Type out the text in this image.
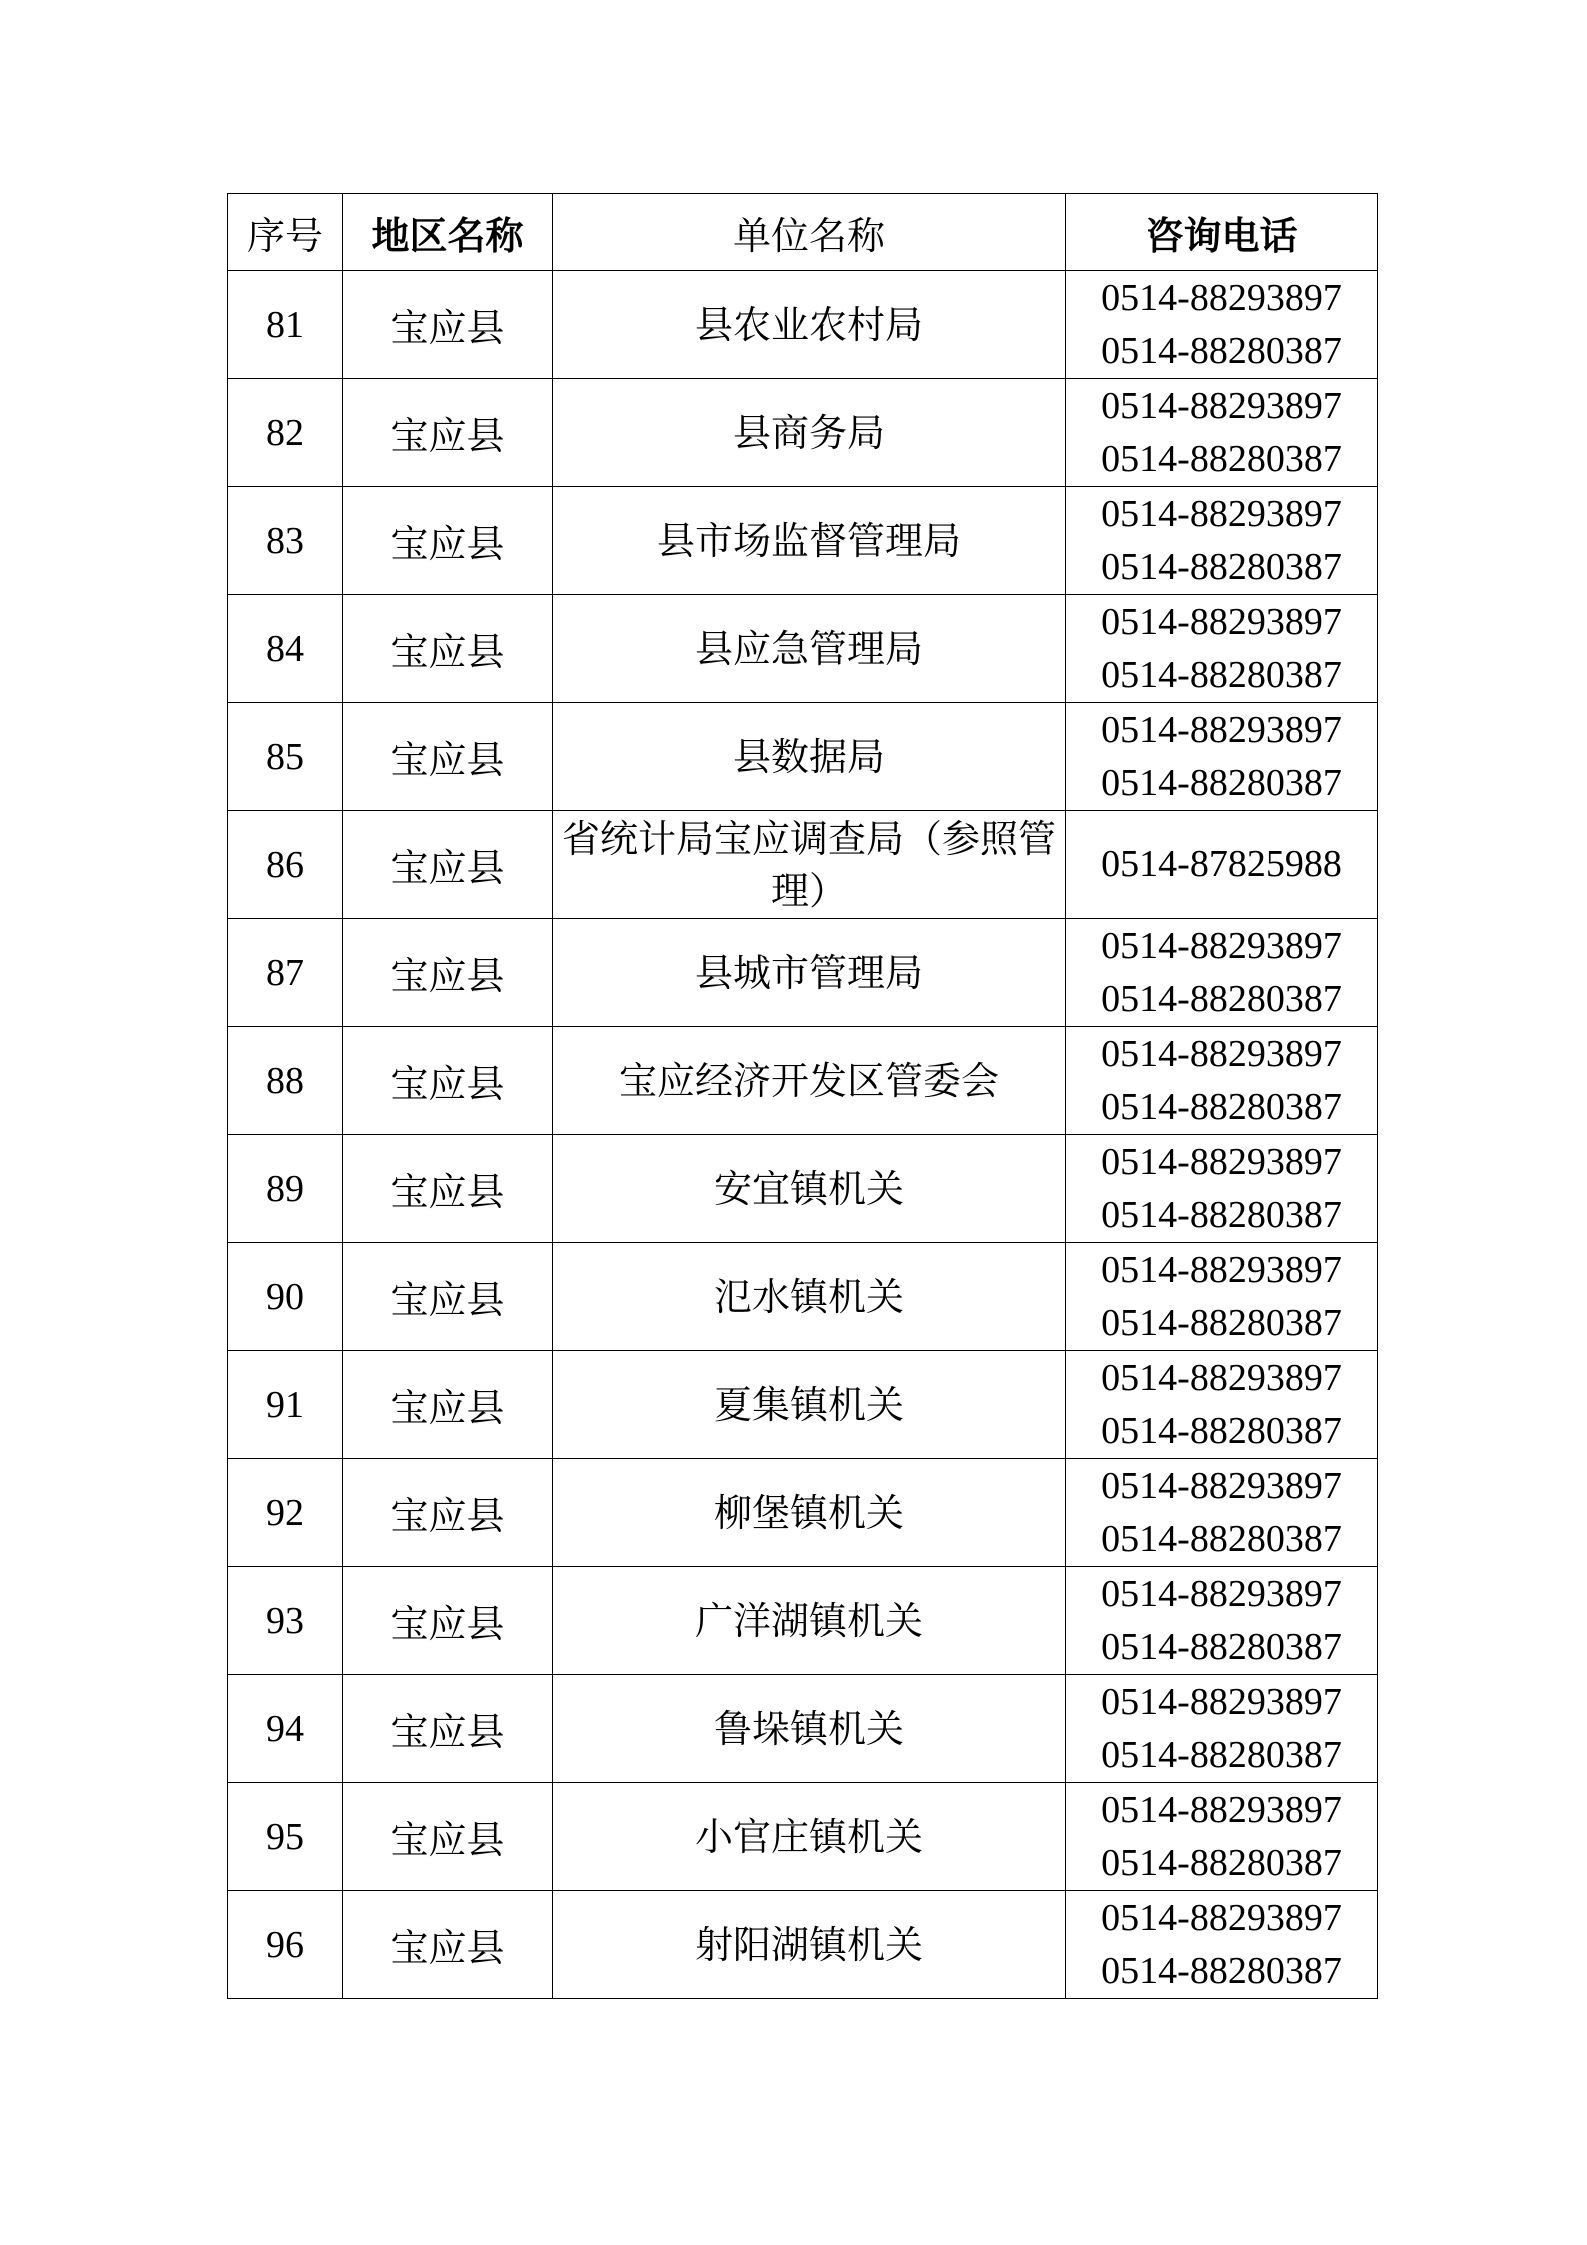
序号	地区名称	单位名称	咨询电话
81	宝应县	县农业农村局	0514-88293897
0514-88280387

82	宝应县	县商务局	0514-88293897
0514-88280387

83	宝应县	县市场监督管理局	0514-88293897
0514-88280387

84	宝应县	县应急管理局	0514-88293897
0514-88280387

85	宝应县	县数据局	0514-88293897
0514-88280387

86	宝应县	省统计局宝应调查局（参照管理）	0514-87825988

87	宝应县	县城市管理局	0514-88293897
0514-88280387

88	宝应县	宝应经济开发区管委会	0514-88293897
0514-88280387

89	宝应县	安宜镇机关	0514-88293897
0514-88280387

90	宝应县	氾水镇机关	0514-88293897
0514-88280387

91	宝应县	夏集镇机关	0514-88293897
0514-88280387

92	宝应县	柳堡镇机关	0514-88293897
0514-88280387

93	宝应县	广洋湖镇机关	0514-88293897
0514-88280387

94	宝应县	鲁垛镇机关	0514-88293897
0514-88280387

95	宝应县	小官庄镇机关	0514-88293897
0514-88280387

96	宝应县	射阳湖镇机关	0514-88293897
0514-88280387
